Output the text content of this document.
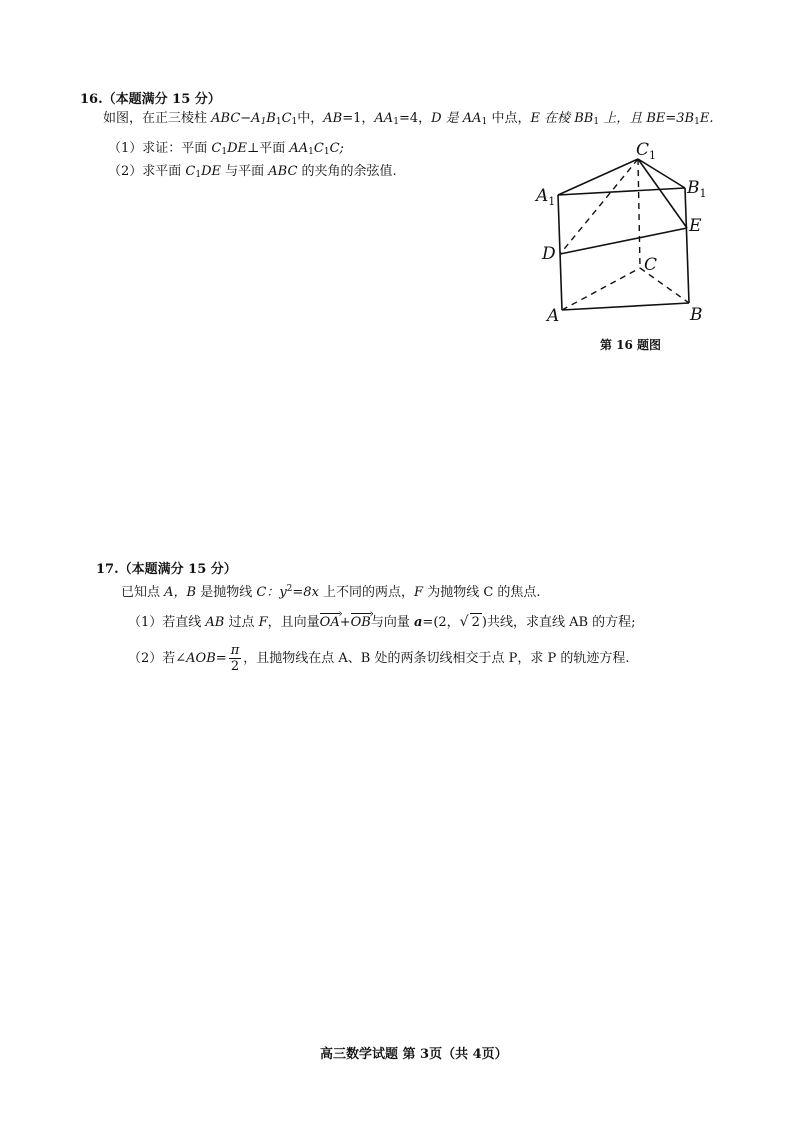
16.（本题满分 15 分）
如图，在正三棱柱 $ABC-A_1B_1C_1$中，AB=1，$AA_1=4$，D 是 $AA_1$ 中点，E 在棱 $BB_1$ 上，且 $BE=3B_1E$.
（1）求证：平面 $C_1DE\perp$平面 $AA_1C_1C$;
（2）求平面 $C_1DE$ 与平面 ABC 的夹角的余弦值.
$C_1$
$A_1$
$B_1$
E
D
C
A	B
第 16 题图
17.（本题满分 15 分）
已知点 A，B 是抛物线 C：$y^2=8x$ 上不同的两点，F 为抛物线 C 的焦点.
（1）若直线 AB 过点 F，且向量OA ›+OB ›与向量 a=(2，√ 2 )共线，求直线 AB 的方程;
（2）若∠AOB= $\frac{\pi}{2}$ ，且抛物线在点 A、B 处的两条切线相交于点 P，求 P 的轨迹方程.
高三数学试题 第 3页（共 4页）
